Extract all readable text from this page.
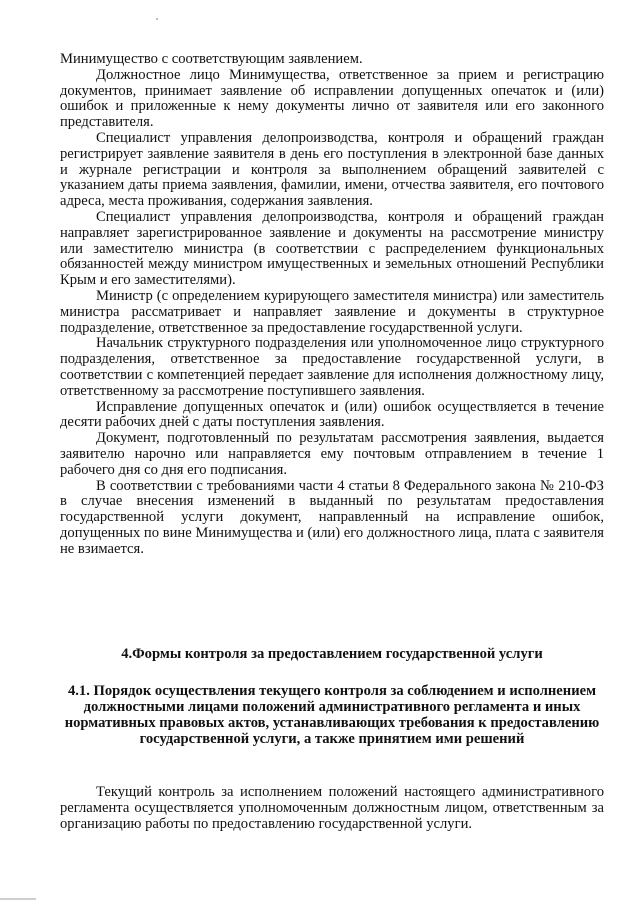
Минимущество с соответствующим заявлением.

Должностное лицо Минимущества, ответственное за прием и регистрацию документов, принимает заявление об исправлении допущенных опечаток и (или) ошибок и приложенные к нему документы лично от заявителя или его законного представителя.

Специалист управления делопроизводства, контроля и обращений граждан регистрирует заявление заявителя в день его поступления в электронной базе данных и журнале регистрации и контроля за выполнением обращений заявителей с указанием даты приема заявления, фамилии, имени, отчества заявителя, его почтового адреса, места проживания, содержания заявления.

Специалист управления делопроизводства, контроля и обращений граждан направляет зарегистрированное заявление и документы на рассмотрение министру или заместителю министра (в соответствии с распределением функциональных обязанностей между министром имущественных и земельных отношений Республики Крым и его заместителями).

Министр (с определением курирующего заместителя министра) или заместитель министра рассматривает и направляет заявление и документы в структурное подразделение, ответственное за предоставление государственной услуги.

Начальник структурного подразделения или уполномоченное лицо структурного подразделения, ответственное за предоставление государственной услуги, в соответствии с компетенцией передает заявление для исполнения должностному лицу, ответственному за рассмотрение поступившего заявления.

Исправление допущенных опечаток и (или) ошибок осуществляется в течение десяти рабочих дней с даты поступления заявления.

Документ, подготовленный по результатам рассмотрения заявления, выдается заявителю нарочно или направляется ему почтовым отправлением в течение 1 рабочего дня со дня его подписания.

В соответствии с требованиями части 4 статьи 8 Федерального закона № 210-ФЗ в случае внесения изменений в выданный по результатам предоставления государственной услуги документ, направленный на исправление ошибок, допущенных по вине Минимущества и (или) его должностного лица, плата с заявителя не взимается.

4.Формы контроля за предоставлением государственной услуги
4.1. Порядок осуществления текущего контроля за соблюдением и исполнением должностными лицами положений административного регламента и иных нормативных правовых актов, устанавливающих требования к предоставлению государственной услуги, а также принятием ими решений

Текущий контроль за исполнением положений настоящего административного регламента осуществляется уполномоченным должностным лицом, ответственным за организацию работы по предоставлению государственной услуги.
